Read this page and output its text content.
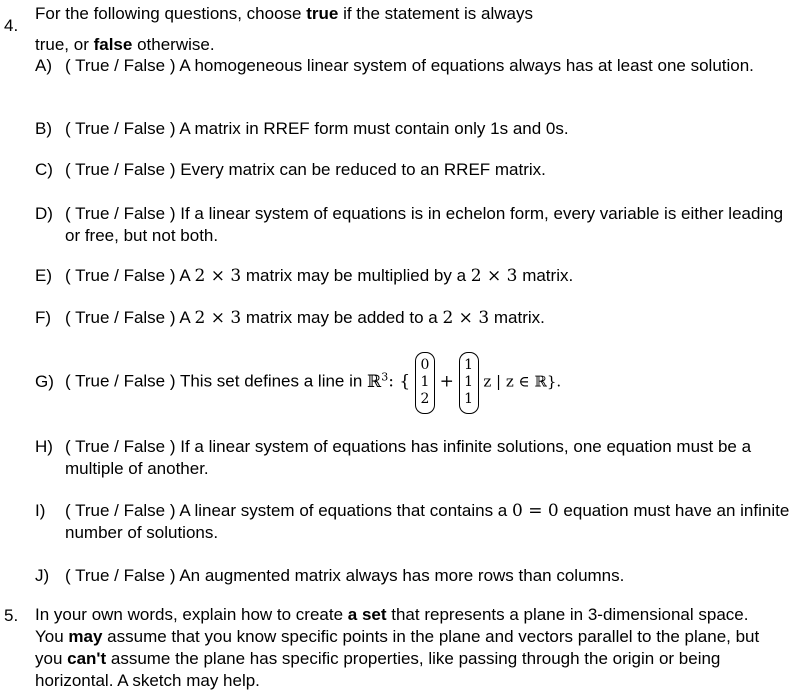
4.
For the following questions, choose true if the statement is always
true, or false otherwise.
A) ( True / False ) A homogeneous linear system of equations always has at least one solution.
B) ( True / False ) A matrix in RREF form must contain only 1s and 0s.
C) ( True / False ) Every matrix can be reduced to an RREF matrix.
D) ( True / False ) If a linear system of equations is in echelon form, every variable is either leading or free, but not both.
E) ( True / False ) A 2 × 3 matrix may be multiplied by a 2 × 3 matrix.
F) ( True / False ) A 2 × 3 matrix may be added to a 2 × 3 matrix.
G) ( True / False ) This set defines a line in ℝ$^3$: {
0
1
2
+
1
1
1
z | z ∈ ℝ}.
H) ( True / False ) If a linear system of equations has infinite solutions, one equation must be a multiple of another.
I) ( True / False ) A linear system of equations that contains a 0 = 0 equation must have an infinite number of solutions.
J) ( True / False ) An augmented matrix always has more rows than columns.
5. In your own words, explain how to create a set that represents a plane in 3-dimensional space. You may assume that you know specific points in the plane and vectors parallel to the plane, but you can't assume the plane has specific properties, like passing through the origin or being horizontal. A sketch may help.
